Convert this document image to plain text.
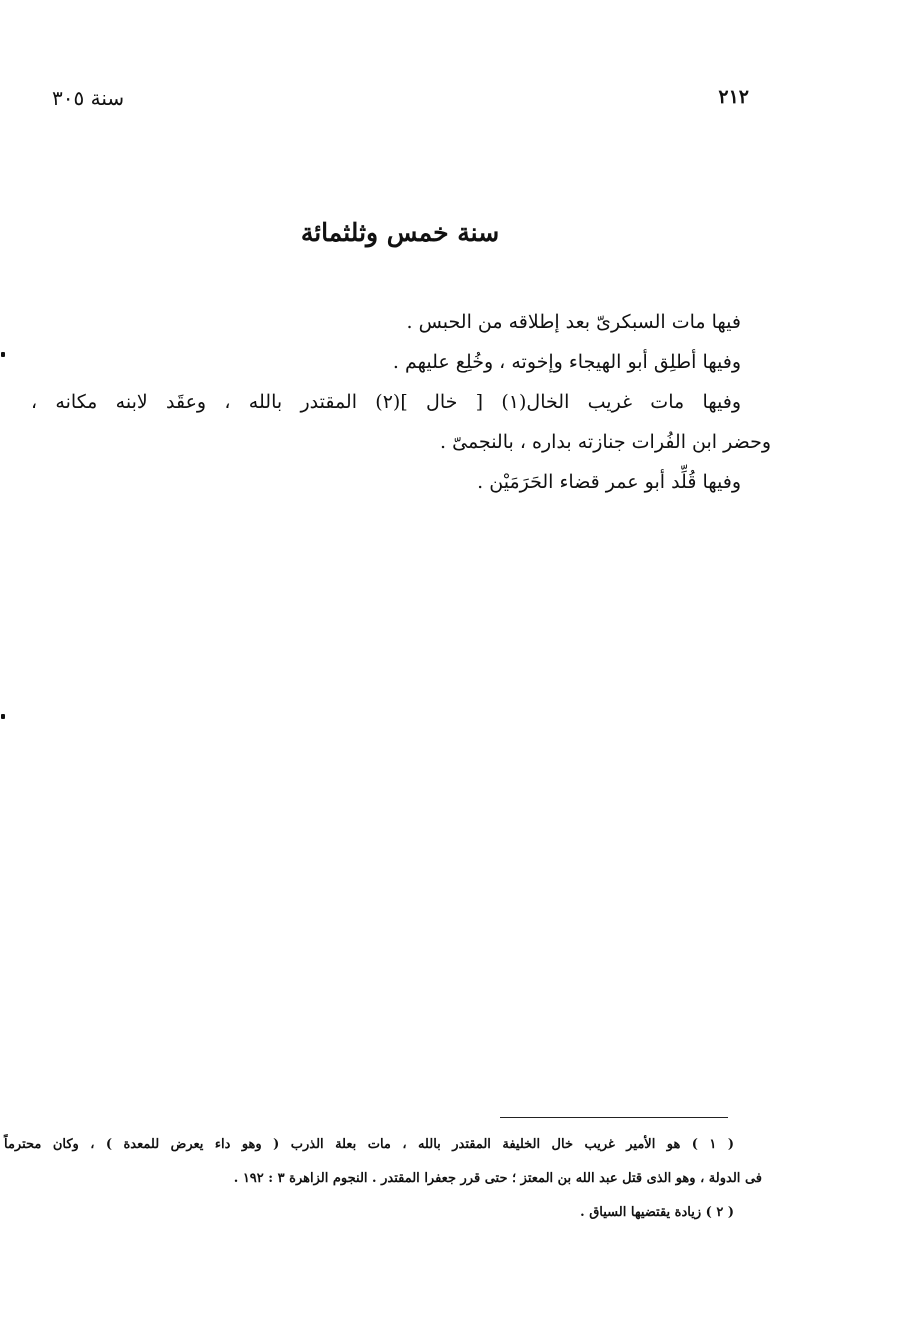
٢١٢
سنة ٣٠٥
سنة خمس وثلثمائة
فيها مات السبكرىّ بعد إطلاقه من الحبس .
وفيها أطلِق أبو الهيجاء وإخوته ، وخُلِع عليهم .
وفيها مات غريب الخال(١) [ خال ](٢) المقتدر بالله ، وعقَد لابنه مكانه ،
وحضر ابن الفُرات جنازته بداره ، بالنجمىّ .
وفيها قُلِّد أبو عمر قضاء الحَرَمَيْن .
( ١ ) هو الأمير غريب خال الخليفة المقتدر بالله ، مات بعلة الذرب ( وهو داء يعرض للمعدة ) ، وكان محترماً
فى الدولة ، وهو الذى قتل عبد الله بن المعتز ؛ حتى قرر جعفرا المقتدر . النجوم الزاهرة ٣ : ١٩٢ .
( ٢ ) زيادة يقتضيها السياق .
